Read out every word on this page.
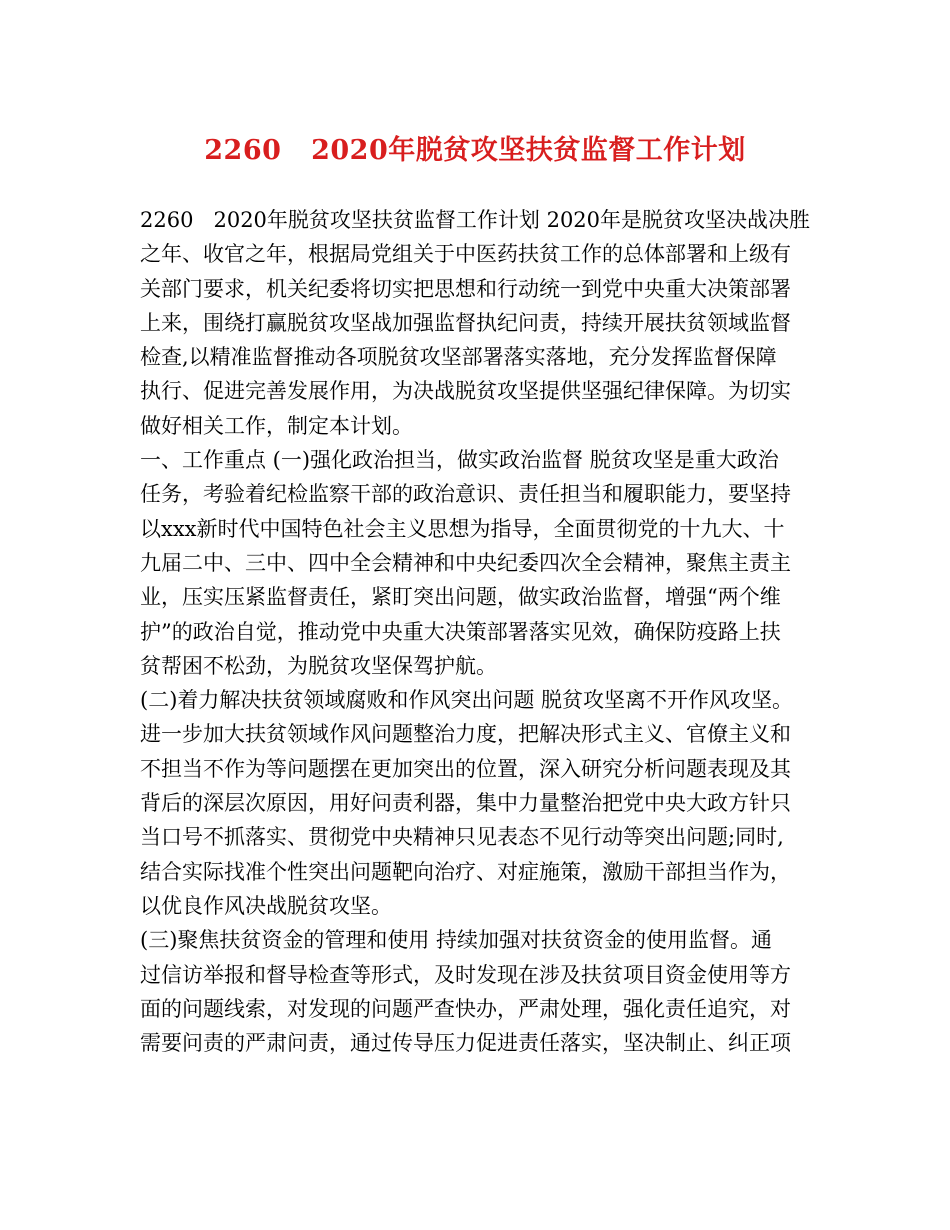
2260   2020年脱贫攻坚扶贫监督工作计划
2260   2020年脱贫攻坚扶贫监督工作计划 2020年是脱贫攻坚决战决胜
之年、收官之年，根据局党组关于中医药扶贫工作的总体部署和上级有
关部门要求，机关纪委将切实把思想和行动统一到党中央重大决策部署
上来，围绕打赢脱贫攻坚战加强监督执纪问责，持续开展扶贫领域监督
检查,以精准监督推动各项脱贫攻坚部署落实落地，充分发挥监督保障
执行、促进完善发展作用，为决战脱贫攻坚提供坚强纪律保障。为切实
做好相关工作，制定本计划。
一、工作重点 (一)强化政治担当，做实政治监督 脱贫攻坚是重大政治
任务，考验着纪检监察干部的政治意识、责任担当和履职能力，要坚持
以xxx新时代中国特色社会主义思想为指导，全面贯彻党的十九大、十
九届二中、三中、四中全会精神和中央纪委四次全会精神，聚焦主责主
业，压实压紧监督责任，紧盯突出问题，做实政治监督，增强“两个维
护”的政治自觉，推动党中央重大决策部署落实见效，确保防疫路上扶
贫帮困不松劲，为脱贫攻坚保驾护航。
(二)着力解决扶贫领域腐败和作风突出问题 脱贫攻坚离不开作风攻坚。
进一步加大扶贫领域作风问题整治力度，把解决形式主义、官僚主义和
不担当不作为等问题摆在更加突出的位置，深入研究分析问题表现及其
背后的深层次原因，用好问责利器，集中力量整治把党中央大政方针只
当口号不抓落实、贯彻党中央精神只见表态不见行动等突出问题;同时,
结合实际找准个性突出问题靶向治疗、对症施策，激励干部担当作为，
以优良作风决战脱贫攻坚。
(三)聚焦扶贫资金的管理和使用 持续加强对扶贫资金的使用监督。通
过信访举报和督导检查等形式，及时发现在涉及扶贫项目资金使用等方
面的问题线索，对发现的问题严查快办，严肃处理，强化责任追究，对
需要问责的严肃问责，通过传导压力促进责任落实，坚决制止、纠正项
